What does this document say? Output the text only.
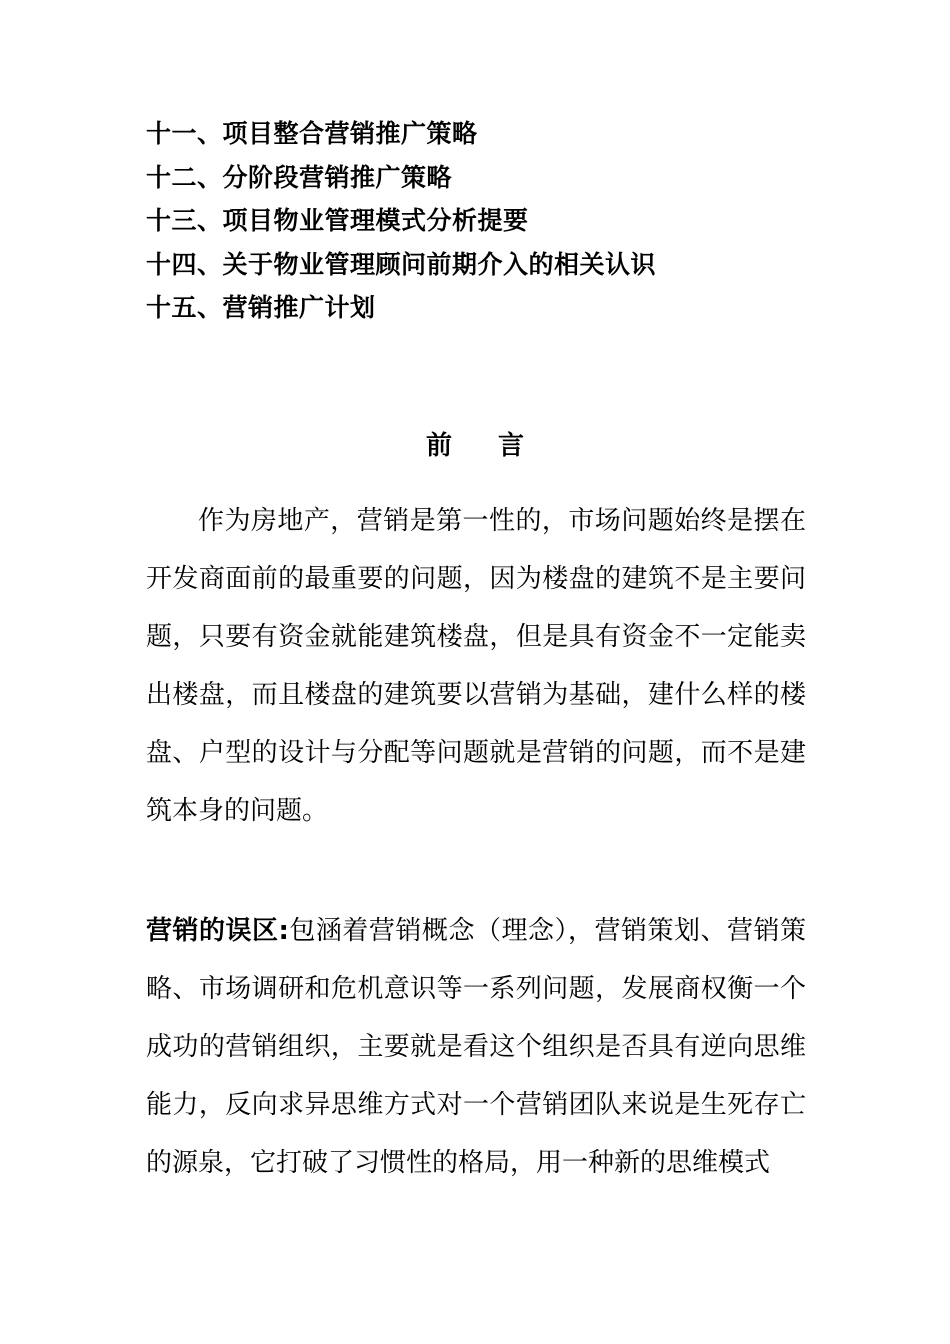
十一、项目整合营销推广策略
十二、分阶段营销推广策略
十三、项目物业管理模式分析提要
十四、关于物业管理顾问前期介入的相关认识
十五、营销推广计划
前 言

作为房地产，营销是第一性的，市场问题始终是摆在开发商面前的最重要的问题，因为楼盘的建筑不是主要问题，只要有资金就能建筑楼盘，但是具有资金不一定能卖出楼盘，而且楼盘的建筑要以营销为基础，建什么样的楼盘、户型的设计与分配等问题就是营销的问题，而不是建筑本身的问题。

营销的误区:包涵着营销概念（理念），营销策划、营销策略、市场调研和危机意识等一系列问题，发展商权衡一个成功的营销组织，主要就是看这个组织是否具有逆向思维能力，反向求异思维方式对一个营销团队来说是生死存亡的源泉，它打破了习惯性的格局，用一种新的思维模式
